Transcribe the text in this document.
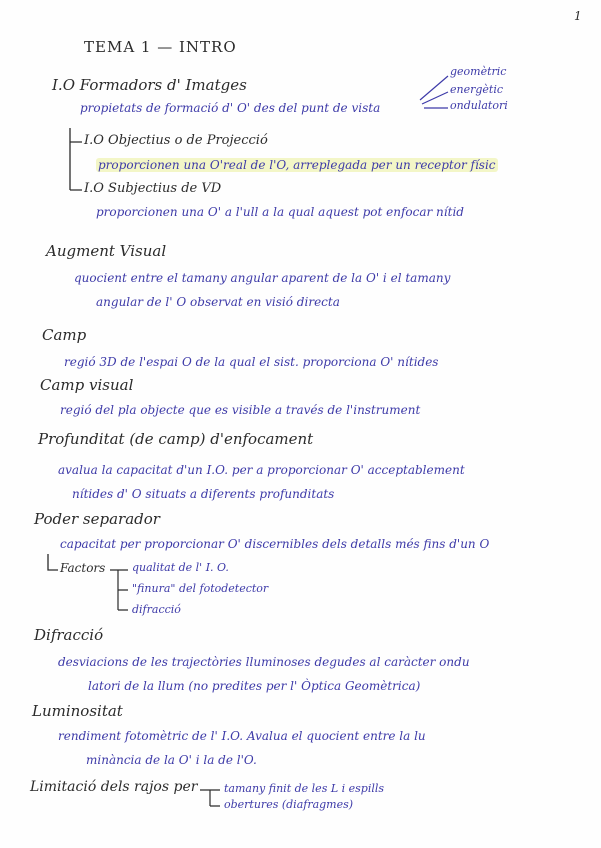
1
TEMA 1 — INTRO
I.O Formadors d' Imatges
propietats de formació d' O' des del punt de vista
geomètric
energètic
ondulatori
I.O Objectius o de Projecció
proporcionen una O'real de l'O, arreplegada per un receptor físic
I.O Subjectius de VD
proporcionen una O' a l'ull a la qual aquest pot enfocar nítid
Augment Visual
quocient entre el tamany angular aparent de la O' i el tamany
angular de l' O observat en visió directa
Camp
regió 3D de l'espai O de la qual el sist. proporciona O' nítides
Camp visual
regió del pla objecte que es visible a través de l'instrument
Profunditat (de camp) d'enfocament
avalua la capacitat d'un I.O. per a proporcionar O' acceptablement
nítides d' O situats a diferents profunditats
Poder separador
capacitat per proporcionar O' discernibles dels detalls més fins d'un O
Factors qualitat de l' I. O.
"finura" del fotodetector
difracció
Difracció
desviacions de les trajectòries lluminoses degudes al caràcter ondu
latori de la llum (no predites per l' Òptica Geomètrica)
Luminositat
rendiment fotomètric de l' I.O. Avalua el quocient entre la lu
minància de la O' i la de l'O.
Limitació dels rajos per tamany finit de les L i espills
obertures (diafragmes)
